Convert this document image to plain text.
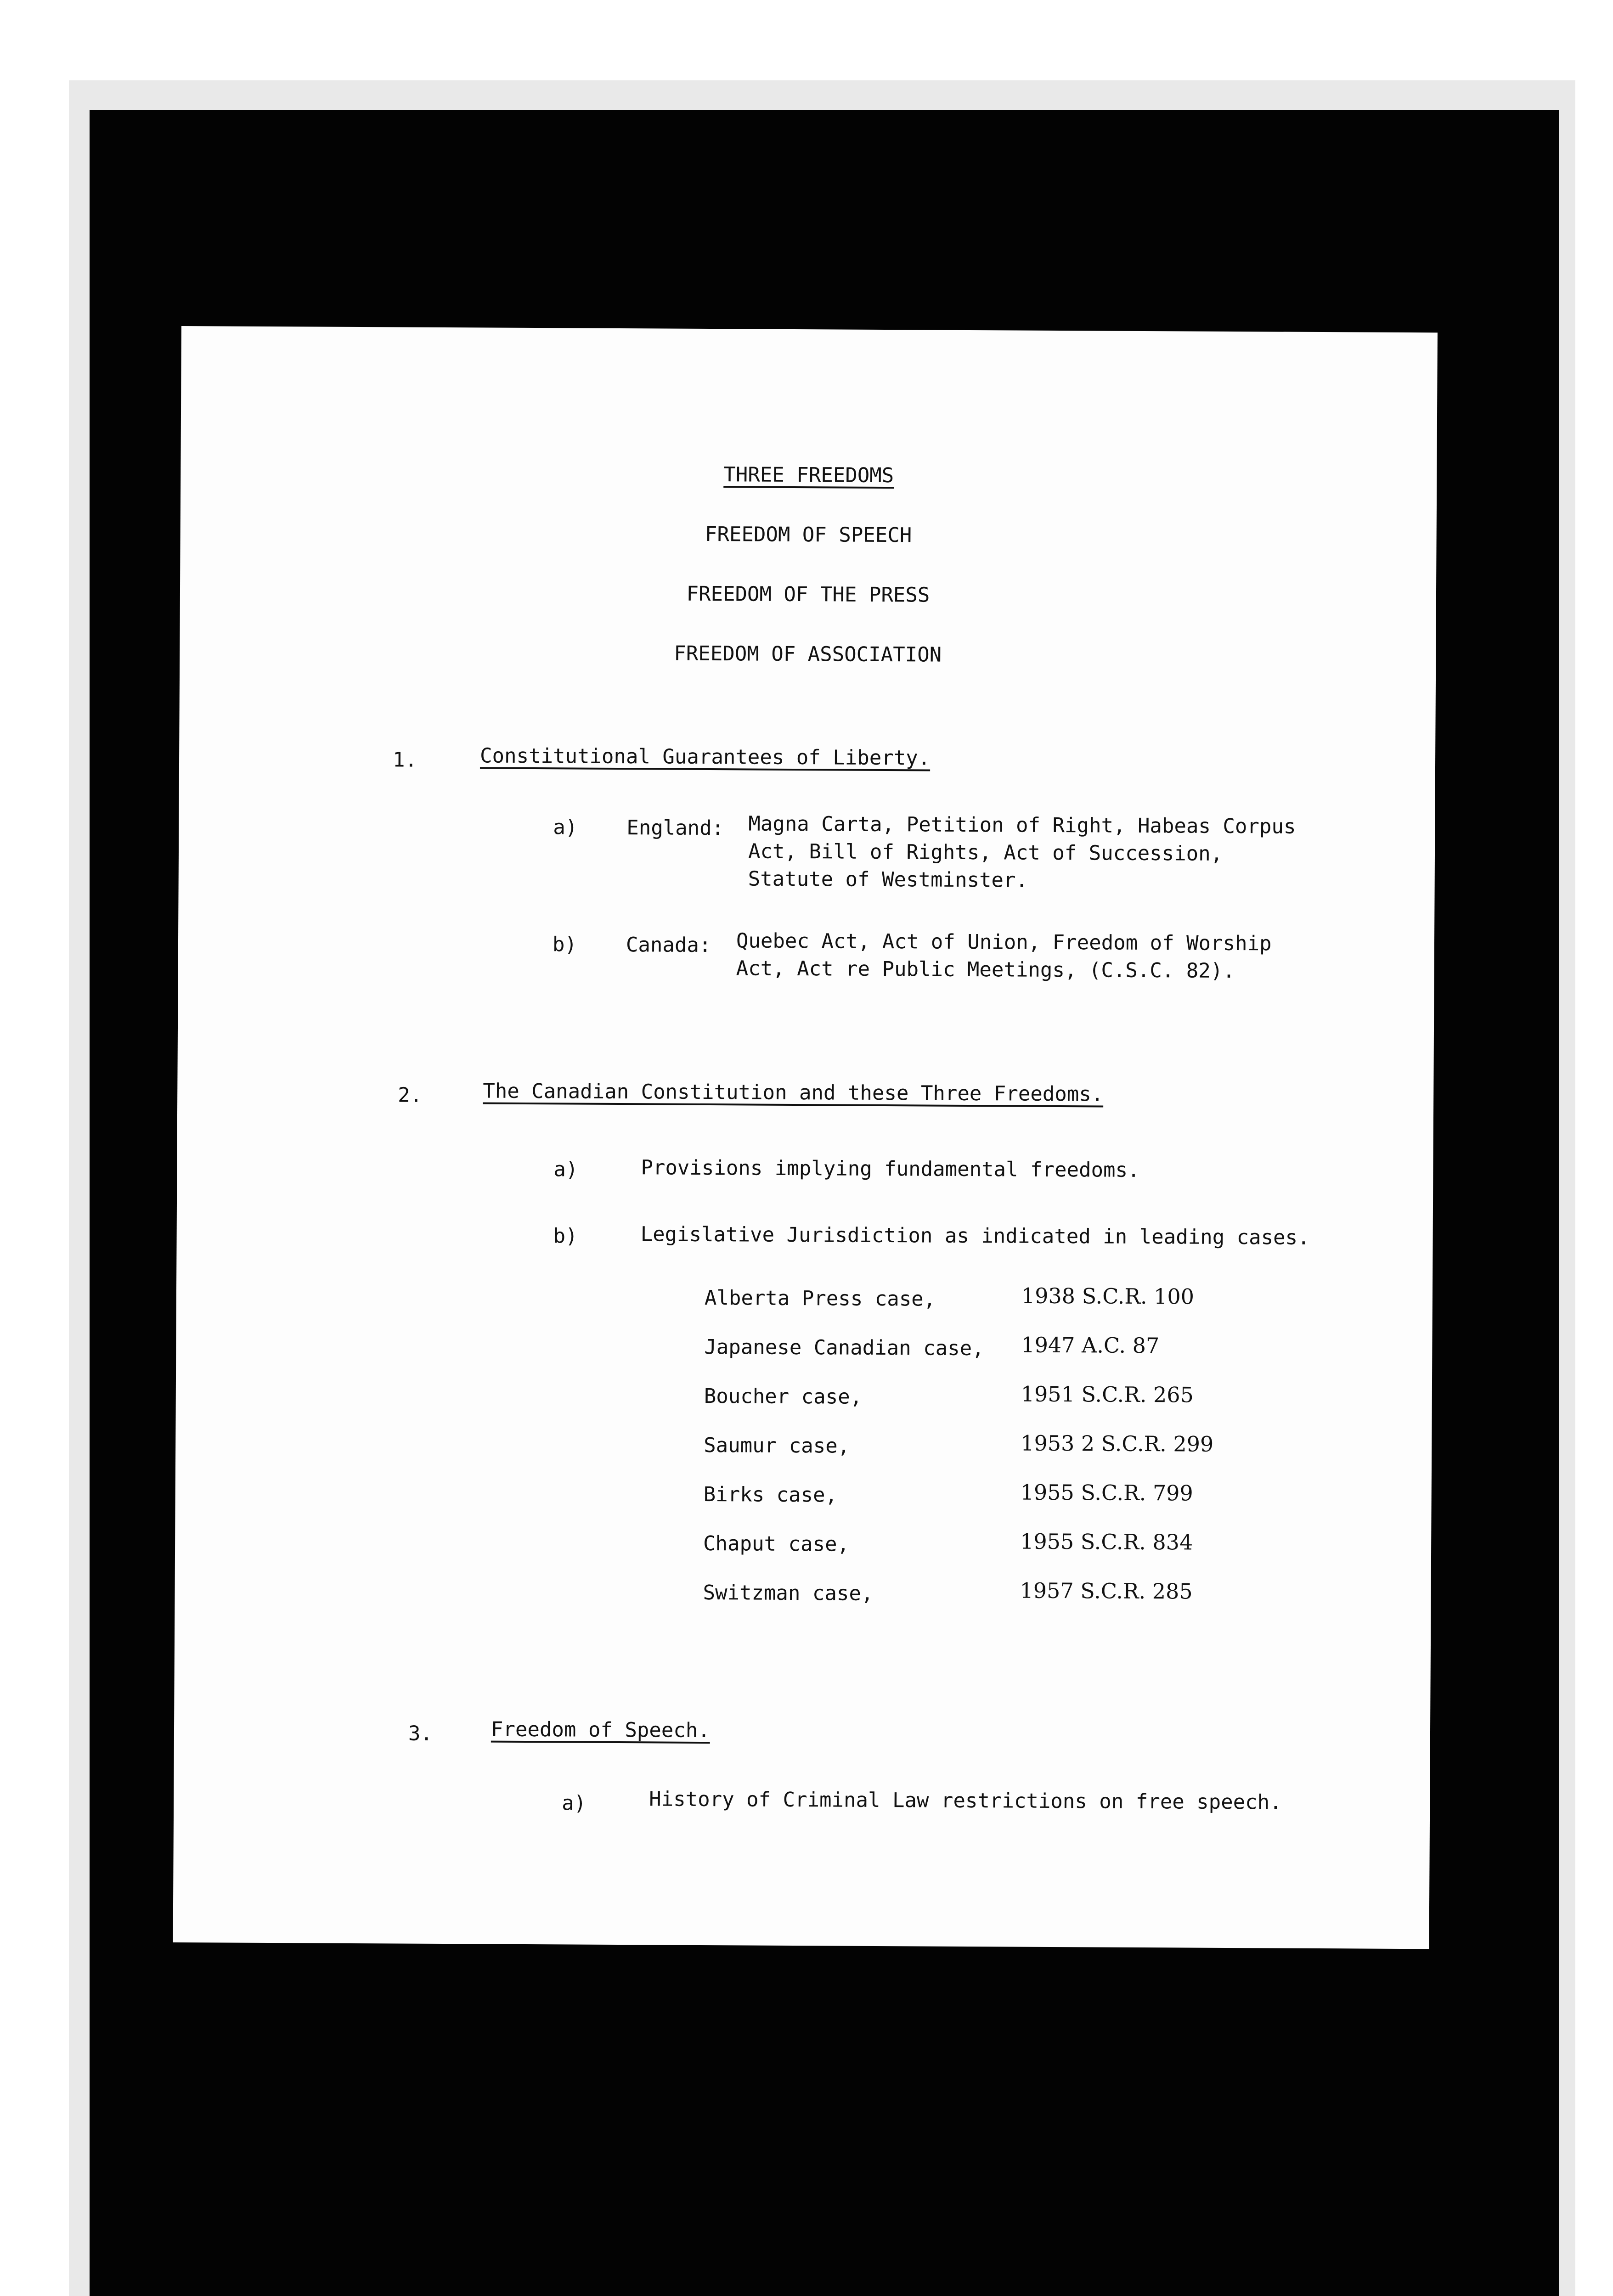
THREE FREEDOMS
FREEDOM OF SPEECH
FREEDOM OF THE PRESS
FREEDOM OF ASSOCIATION
1.	Constitutional Guarantees of Liberty.
a) England: Magna Carta, Petition of Right, Habeas Corpus
Act, Bill of Rights, Act of Succession,
Statute of Westminster.
b) Canada: Quebec Act, Act of Union, Freedom of Worship
Act, Act re Public Meetings, (C.S.C. 82).
2.	The Canadian Constitution and these Three Freedoms.
a)	Provisions implying fundamental freedoms.
b)	Legislative Jurisdiction as indicated in leading cases.
Alberta Press case,	1938 S.C.R. 100
Japanese Canadian case, 1947 A.C. 87
Boucher case,	1951 S.C.R. 265
Saumur case,	1953 2 S.C.R. 299
Birks case,	1955 S.C.R. 799
Chaput case,	1955 S.C.R. 834
Switzman case,	1957 S.C.R. 285
3.	Freedom of Speech.
a)	History of Criminal Law restrictions on free speech.
